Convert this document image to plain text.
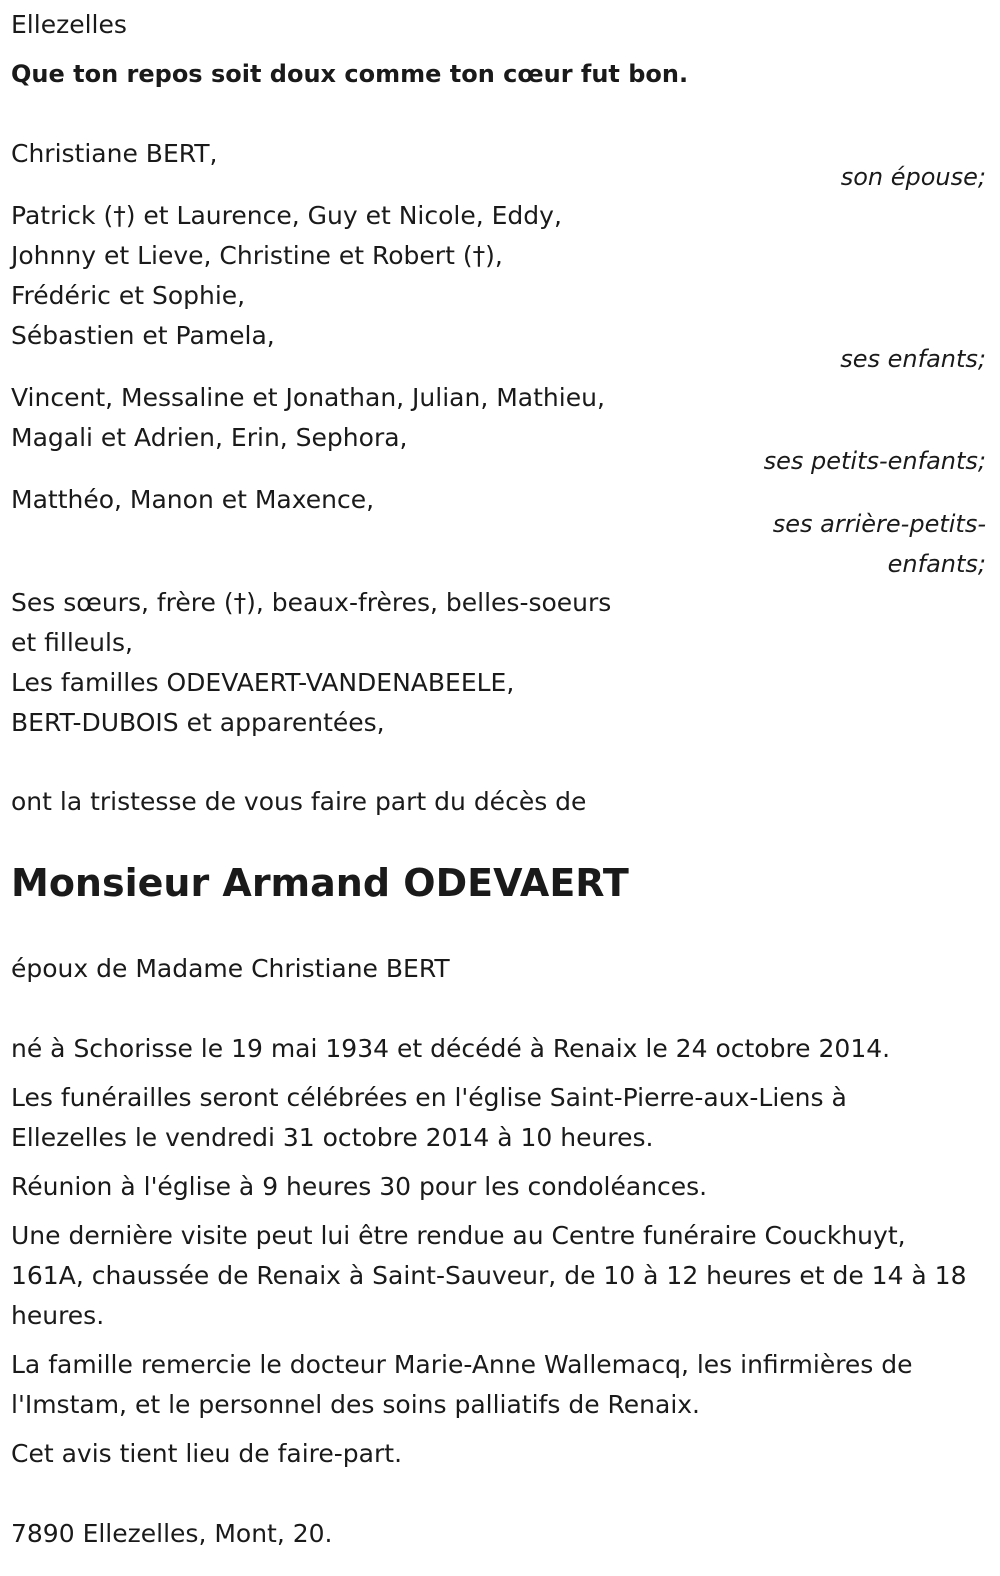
Ellezelles
Que ton repos soit doux comme ton cœur fut bon.
Christiane BERT,
son épouse;
Patrick (†) et Laurence, Guy et Nicole, Eddy,
Johnny et Lieve, Christine et Robert (†),
Frédéric et Sophie,
Sébastien et Pamela,
ses enfants;
Vincent, Messaline et Jonathan, Julian, Mathieu,
Magali et Adrien, Erin, Sephora,
ses petits-enfants;
Matthéo, Manon et Maxence,
ses arrière-petits-
enfants;
Ses sœurs, frère (†), beaux-frères, belles-soeurs
et filleuls,
Les familles ODEVAERT-VANDENABEELE,
BERT-DUBOIS et apparentées,
ont la tristesse de vous faire part du décès de
Monsieur Armand ODEVAERT
époux de Madame Christiane BERT
né à Schorisse le 19 mai 1934 et décédé à Renaix le 24 octobre 2014.
Les funérailles seront célébrées en l'église Saint-Pierre-aux-Liens à
Ellezelles le vendredi 31 octobre 2014 à 10 heures.
Réunion à l'église à 9 heures 30 pour les condoléances.
Une dernière visite peut lui être rendue au Centre funéraire Couckhuyt,
161A, chaussée de Renaix à Saint-Sauveur, de 10 à 12 heures et de 14 à 18
heures.
La famille remercie le docteur Marie-Anne Wallemacq, les infirmières de
l'Imstam, et le personnel des soins palliatifs de Renaix.
Cet avis tient lieu de faire-part.
7890 Ellezelles, Mont, 20.
